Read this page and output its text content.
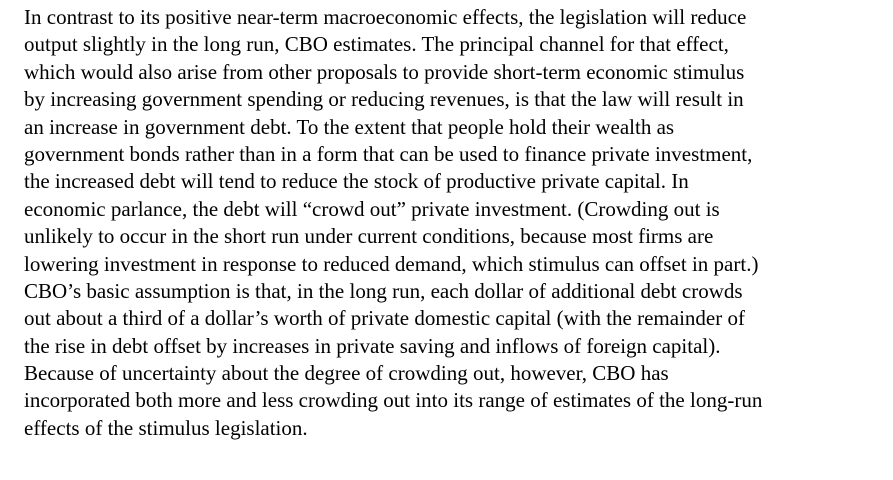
In contrast to its positive near-term macroeconomic effects, the legislation will reduce
output slightly in the long run, CBO estimates. The principal channel for that effect,
which would also arise from other proposals to provide short-term economic stimulus
by increasing government spending or reducing revenues, is that the law will result in
an increase in government debt. To the extent that people hold their wealth as
government bonds rather than in a form that can be used to finance private investment,
the increased debt will tend to reduce the stock of productive private capital. In
economic parlance, the debt will “crowd out” private investment. (Crowding out is
unlikely to occur in the short run under current conditions, because most firms are
lowering investment in response to reduced demand, which stimulus can offset in part.)
CBO’s basic assumption is that, in the long run, each dollar of additional debt crowds
out about a third of a dollar’s worth of private domestic capital (with the remainder of
the rise in debt offset by increases in private saving and inflows of foreign capital).
Because of uncertainty about the degree of crowding out, however, CBO has
incorporated both more and less crowding out into its range of estimates of the long-run
effects of the stimulus legislation.
